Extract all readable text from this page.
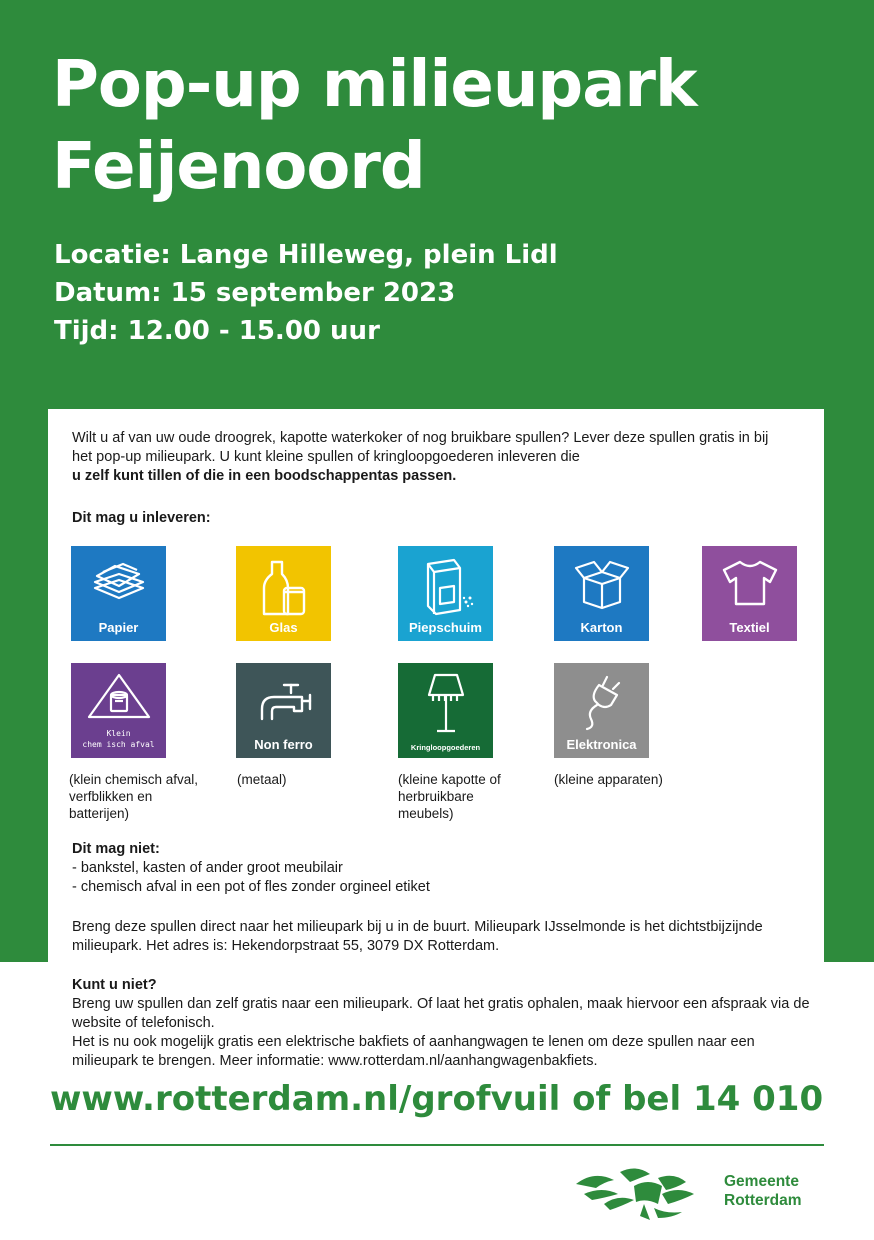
Pop-up milieupark
Feijenoord
Locatie: Lange Hilleweg, plein Lidl
Datum: 15 september 2023
Tijd: 12.00 - 15.00 uur
Wilt u af van uw oude droogrek, kapotte waterkoker of nog bruikbare spullen? Lever deze spullen gratis in bij het pop-up milieupark. U kunt kleine spullen of kringloopgoederen inleveren die
u zelf kunt tillen of die in een boodschappentas passen.
Dit mag u inleveren:
Papier	Glas	Piepschuim	Karton	Textiel
Klein
chem isch afval	Non ferro	Kringloopgoederen	Elektronica
(klein chemisch afval, verfblikken en batterijen)
(metaal)	(kleine kapotte of herbruikbare meubels)
(kleine apparaten)
Dit mag niet:
- bankstel, kasten of ander groot meubilair
- chemisch afval in een pot of fles zonder orgineel etiket
Breng deze spullen direct naar het milieupark bij u in de buurt. Milieupark IJsselmonde is het dichtstbijzijnde milieupark. Het adres is: Hekendorpstraat 55, 3079 DX Rotterdam.
Kunt u niet?
Breng uw spullen dan zelf gratis naar een milieupark. Of laat het gratis ophalen, maak hiervoor een afspraak via de website of telefonisch.
Het is nu ook mogelijk gratis een elektrische bakfiets of aanhangwagen te lenen om deze spullen naar een milieupark te brengen. Meer informatie: www.rotterdam.nl/aanhangwagenbakfiets.
www.rotterdam.nl/grofvuil of bel 14 010
Gemeente
Rotterdam
